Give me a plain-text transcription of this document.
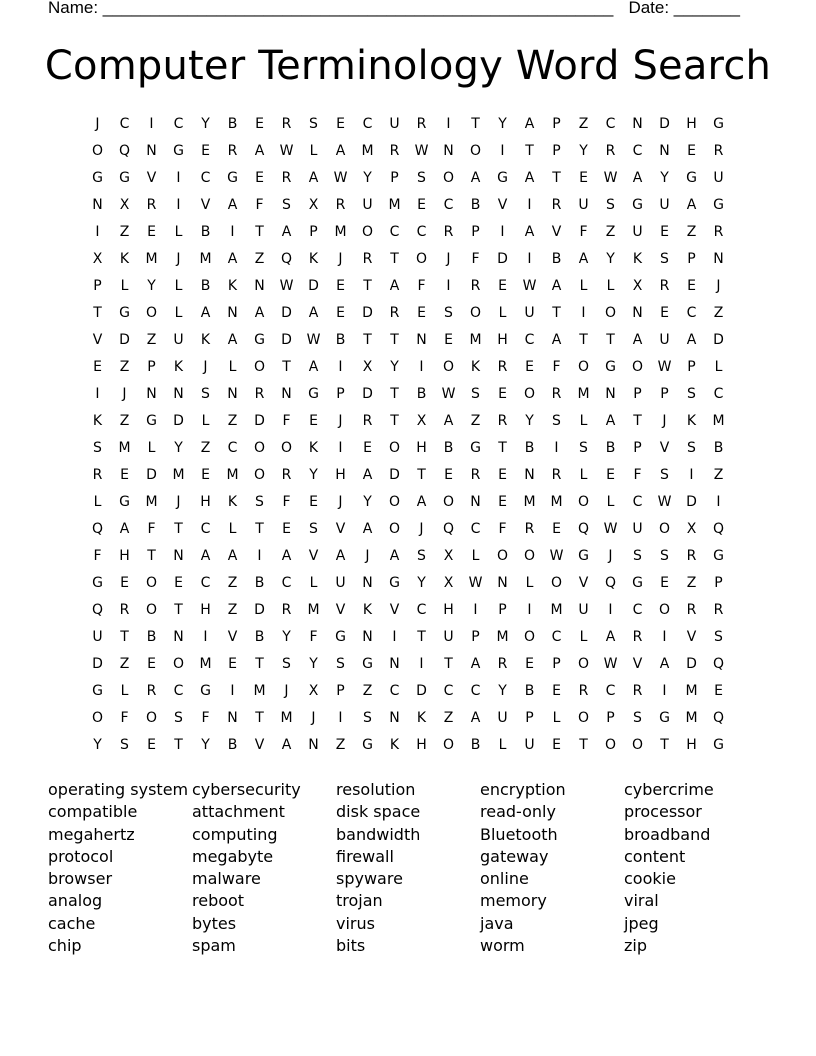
Name: ______________________________________________________ Date: _______
Computer Terminology Word Search
J	C	I	C	Y	B	E	R	S	E	C	U	R	I	T	Y	A	P	Z	C	N	D	H	G
O	Q	N	G	E	R	A	W	L	A	M	R	W	N	O	I	T	P	Y	R	C	N	E	R
G	G	V	I	C	G	E	R	A	W	Y	P	S	O	A	G	A	T	E	W	A	Y	G	U
N	X	R	I	V	A	F	S	X	R	U	M	E	C	B	V	I	R	U	S	G	U	A	G
I	Z	E	L	B	I	T	A	P	M	O	C	C	R	P	I	A	V	F	Z	U	E	Z	R
X	K	M	J	M	A	Z	Q	K	J	R	T	O	J	F	D	I	B	A	Y	K	S	P	N
P	L	Y	L	B	K	N	W	D	E	T	A	F	I	R	E	W	A	L	L	X	R	E	J
T	G	O	L	A	N	A	D	A	E	D	R	E	S	O	L	U	T	I	O	N	E	C	Z
V	D	Z	U	K	A	G	D	W	B	T	T	N	E	M	H	C	A	T	T	A	U	A	D
E	Z	P	K	J	L	O	T	A	I	X	Y	I	O	K	R	E	F	O	G	O	W	P	L
I	J	N	N	S	N	R	N	G	P	D	T	B	W	S	E	O	R	M	N	P	P	S	C
K	Z	G	D	L	Z	D	F	E	J	R	T	X	A	Z	R	Y	S	L	A	T	J	K	M
S	M	L	Y	Z	C	O	O	K	I	E	O	H	B	G	T	B	I	S	B	P	V	S	B
R	E	D	M	E	M	O	R	Y	H	A	D	T	E	R	E	N	R	L	E	F	S	I	Z
L	G	M	J	H	K	S	F	E	J	Y	O	A	O	N	E	M	M	O	L	C	W	D	I
Q	A	F	T	C	L	T	E	S	V	A	O	J	Q	C	F	R	E	Q	W	U	O	X	Q
F	H	T	N	A	A	I	A	V	A	J	A	S	X	L	O	O	W	G	J	S	S	R	G
G	E	O	E	C	Z	B	C	L	U	N	G	Y	X	W	N	L	O	V	Q	G	E	Z	P
Q	R	O	T	H	Z	D	R	M	V	K	V	C	H	I	P	I	M	U	I	C	O	R	R
U	T	B	N	I	V	B	Y	F	G	N	I	T	U	P	M	O	C	L	A	R	I	V	S
D	Z	E	O	M	E	T	S	Y	S	G	N	I	T	A	R	E	P	O	W	V	A	D	Q
G	L	R	C	G	I	M	J	X	P	Z	C	D	C	C	Y	B	E	R	C	R	I	M	E
O	F	O	S	F	N	T	M	J	I	S	N	K	Z	A	U	P	L	O	P	S	G	M	Q
Y	S	E	T	Y	B	V	A	N	Z	G	K	H	O	B	L	U	E	T	O	O	T	H	G
operating system
compatible
megahertz
protocol
browser
analog
cache
chip
cybersecurity
attachment
computing
megabyte
malware
reboot
bytes
spam
resolution
disk space
bandwidth
firewall
spyware
trojan
virus
bits
encryption
read-only
Bluetooth
gateway
online
memory
java
worm
cybercrime
processor
broadband
content
cookie
viral
jpeg
zip
